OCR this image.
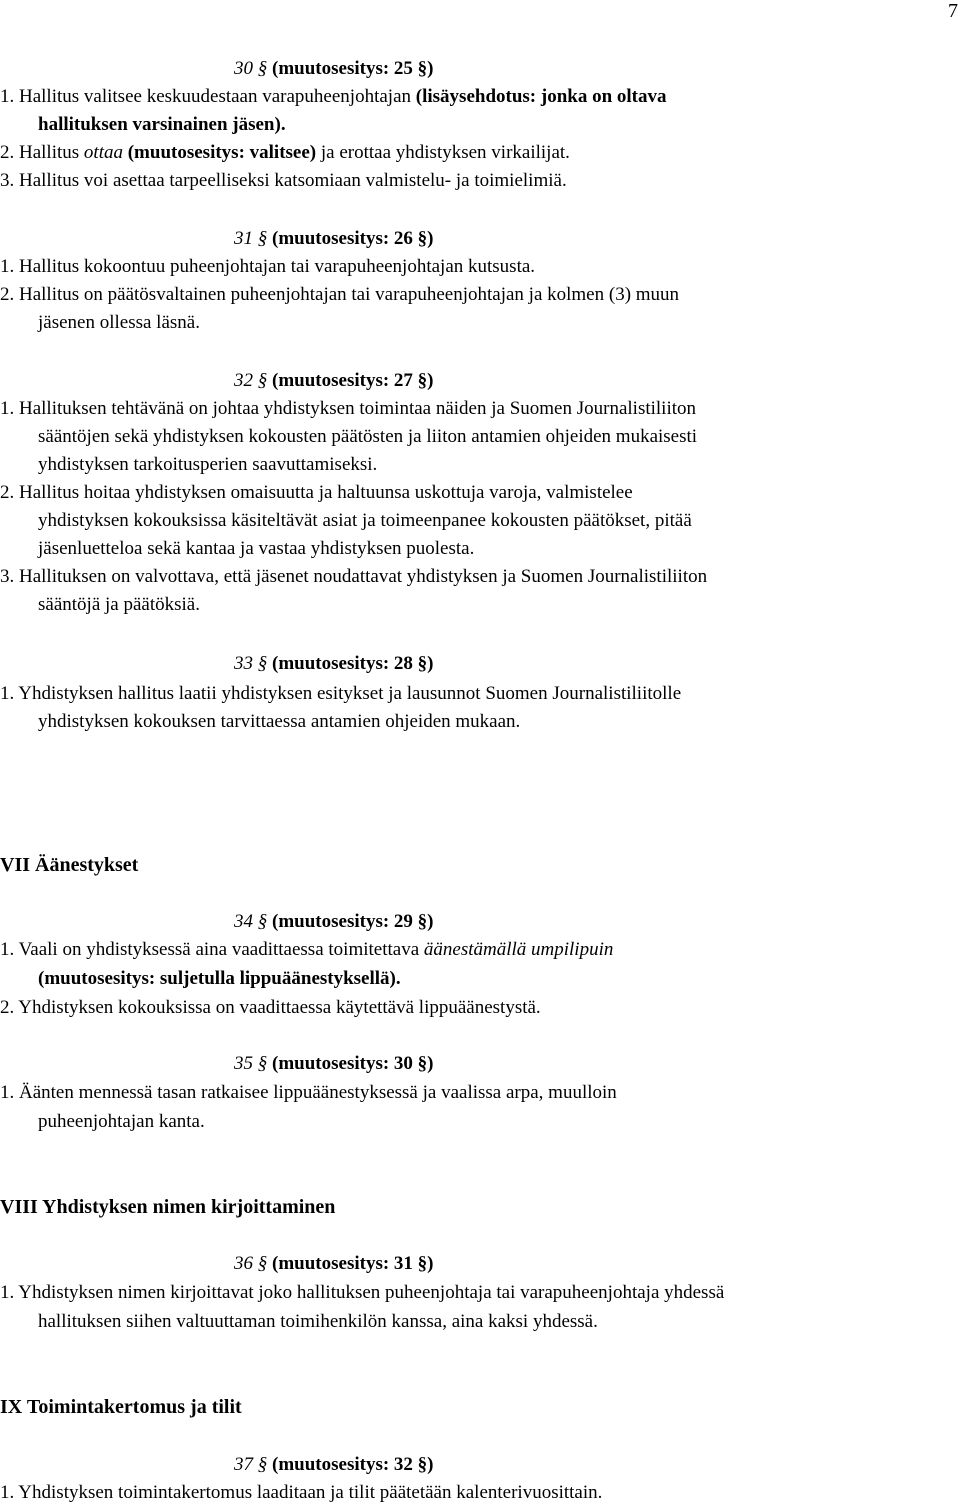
7
30 § (muutosesitys: 25 §)
1. Hallitus valitsee keskuudestaan varapuheenjohtajan (lisäysehdotus: jonka on oltava
hallituksen varsinainen jäsen).
2. Hallitus ottaa (muutosesitys: valitsee) ja erottaa yhdistyksen virkailijat.
3. Hallitus voi asettaa tarpeelliseksi katsomiaan valmistelu- ja toimielimiä.
31 § (muutosesitys: 26 §)
1. Hallitus kokoontuu puheenjohtajan tai varapuheenjohtajan kutsusta.
2. Hallitus on päätösvaltainen puheenjohtajan tai varapuheenjohtajan ja kolmen (3) muun
jäsenen ollessa läsnä.
32 § (muutosesitys: 27 §)
1. Hallituksen tehtävänä on johtaa yhdistyksen toimintaa näiden ja Suomen Journalistiliiton
sääntöjen sekä yhdistyksen kokousten päätösten ja liiton antamien ohjeiden mukaisesti
yhdistyksen tarkoitusperien saavuttamiseksi.
2. Hallitus hoitaa yhdistyksen omaisuutta ja haltuunsa uskottuja varoja, valmistelee
yhdistyksen kokouksissa käsiteltävät asiat ja toimeenpanee kokousten päätökset, pitää
jäsenluetteloa sekä kantaa ja vastaa yhdistyksen puolesta.
3. Hallituksen on valvottava, että jäsenet noudattavat yhdistyksen ja Suomen Journalistiliiton
sääntöjä ja päätöksiä.
33 § (muutosesitys: 28 §)
1. Yhdistyksen hallitus laatii yhdistyksen esitykset ja lausunnot Suomen Journalistiliitolle
yhdistyksen kokouksen tarvittaessa antamien ohjeiden mukaan.
VII Äänestykset
34 § (muutosesitys: 29 §)
1. Vaali on yhdistyksessä aina vaadittaessa toimitettava äänestämällä umpilipuin
(muutosesitys: suljetulla lippuäänestyksellä).
2. Yhdistyksen kokouksissa on vaadittaessa käytettävä lippuäänestystä.
35 § (muutosesitys: 30 §)
1. Äänten mennessä tasan ratkaisee lippuäänestyksessä ja vaalissa arpa, muulloin
puheenjohtajan kanta.
VIII Yhdistyksen nimen kirjoittaminen
36 § (muutosesitys: 31 §)
1. Yhdistyksen nimen kirjoittavat joko hallituksen puheenjohtaja tai varapuheenjohtaja yhdessä
hallituksen siihen valtuuttaman toimihenkilön kanssa, aina kaksi yhdessä.
IX Toimintakertomus ja tilit
37 § (muutosesitys: 32 §)
1. Yhdistyksen toimintakertomus laaditaan ja tilit päätetään kalenterivuosittain.
